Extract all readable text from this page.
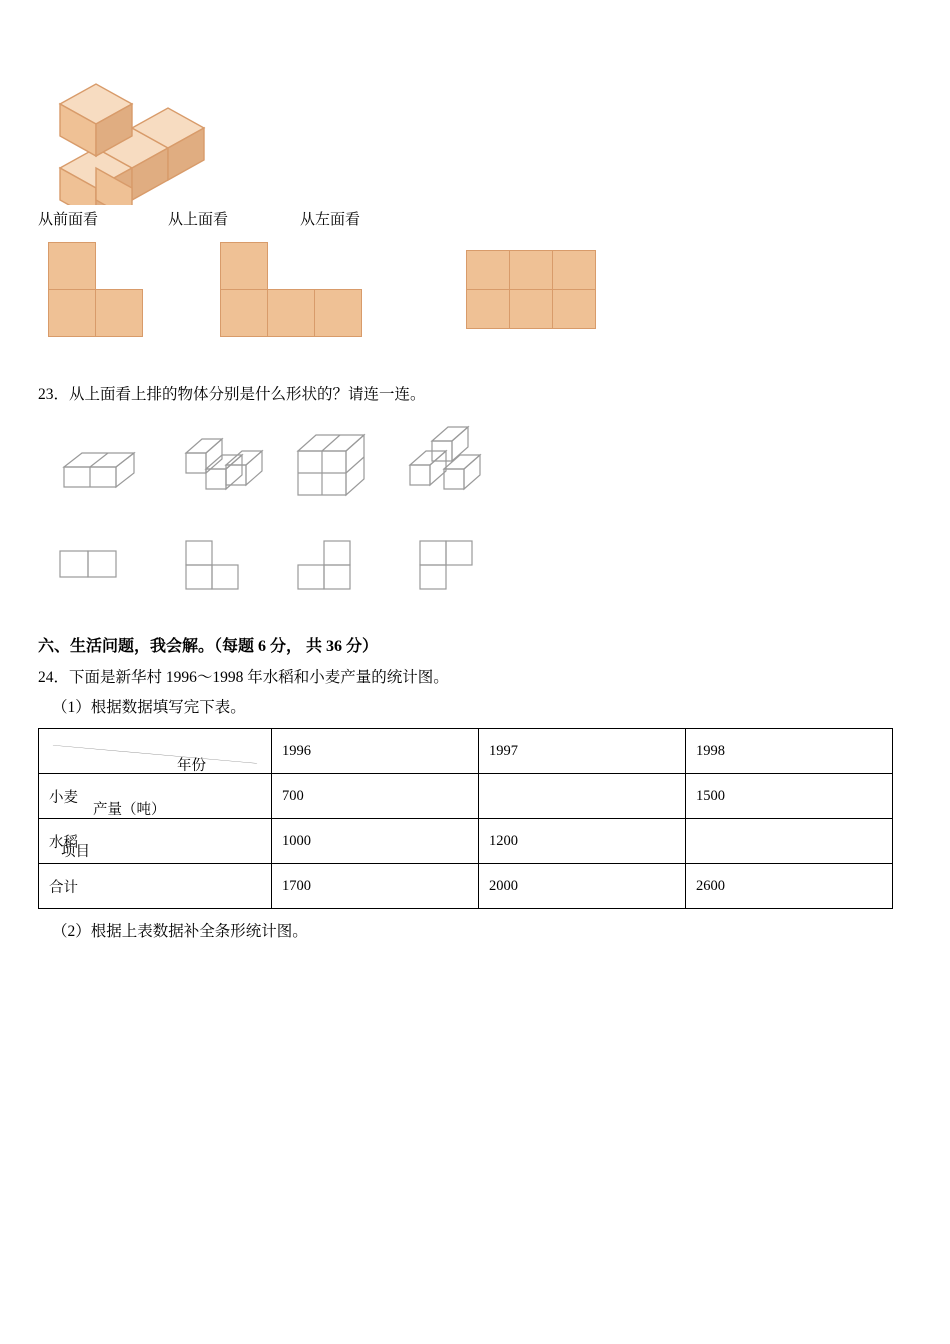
从前面看	从上面看	从左面看

23．从上面看上排的物体分别是什么形状的？请连一连。

六、生活问题，我会解。（每题 6 分， 共 36 分）

24．下面是新华村 1996～1998 年水稻和小麦产量的统计图。

（1）根据数据填写完下表。

年份
产量（吨）
项目	1996	1997	1998
小麦	700		1500
水稻	1000	1200	
合计	1700	2000	2600

（2）根据上表数据补全条形统计图。
